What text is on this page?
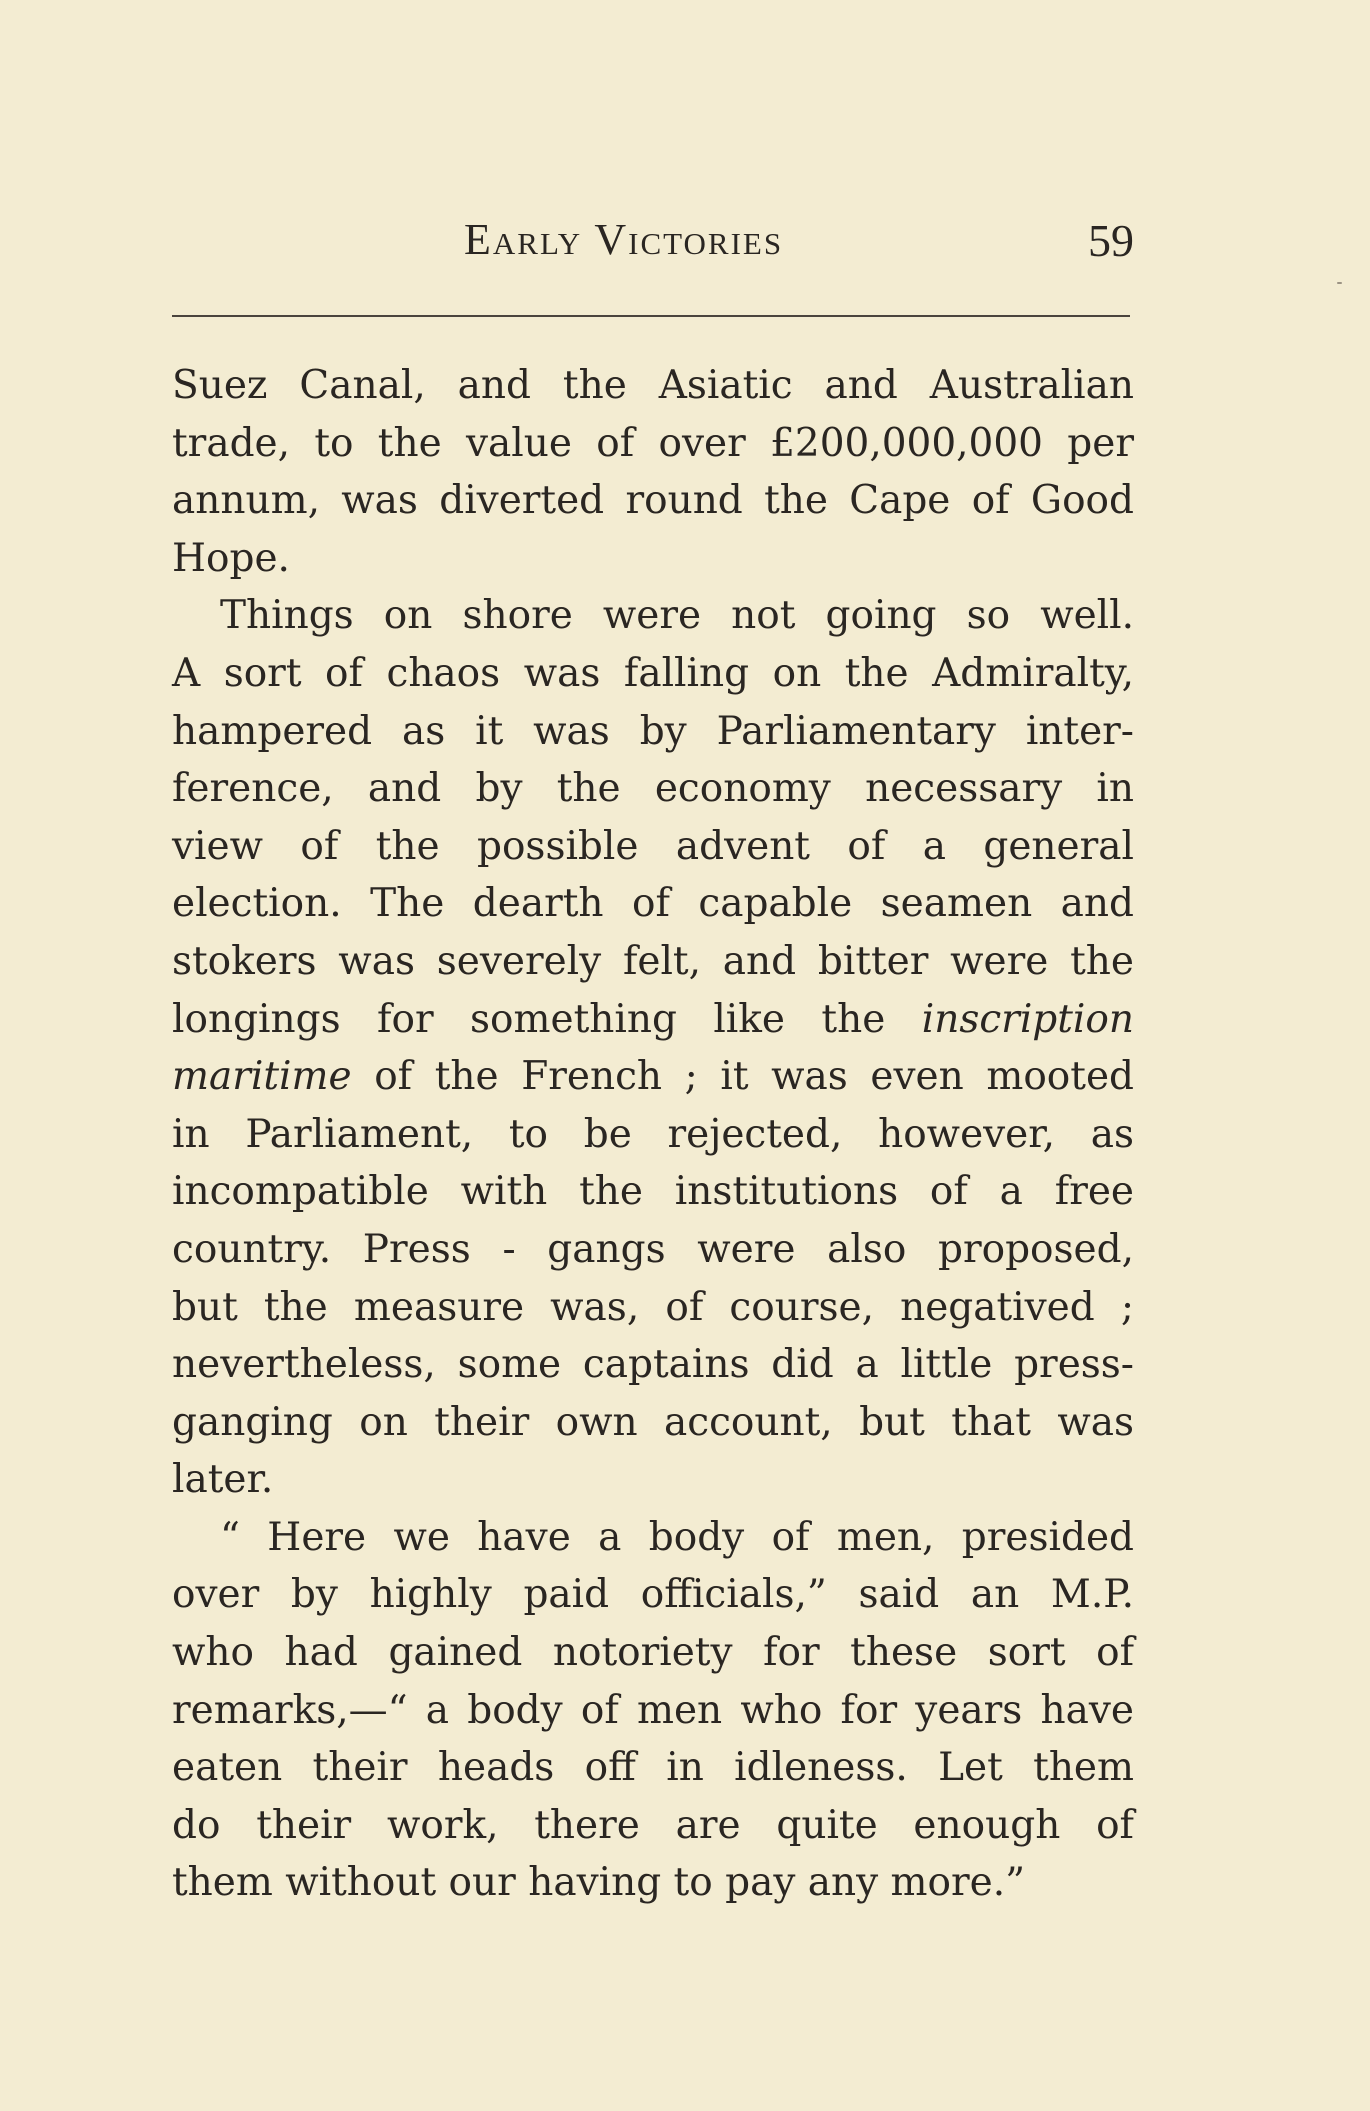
Early Victories	59
Suez Canal, and the Asiatic and Australian
trade, to the value of over £200,000,000 per
annum, was diverted round the Cape of Good
Hope.
Things on shore were not going so well.
A sort of chaos was falling on the Admiralty,
hampered as it was by Parliamentary inter-
ference, and by the economy necessary in
view of the possible advent of a general
election. The dearth of capable seamen and
stokers was severely felt, and bitter were the
longings for something like the inscription
maritime of the French ; it was even mooted
in Parliament, to be rejected, however, as
incompatible with the institutions of a free
country. Press - gangs were also proposed,
but the measure was, of course, negatived ;
nevertheless, some captains did a little press-
ganging on their own account, but that was
later.
“ Here we have a body of men, presided
over by highly paid officials,” said an M.P.
who had gained notoriety for these sort of
remarks,—“ a body of men who for years have
eaten their heads off in idleness. Let them
do their work, there are quite enough of
them without our having to pay any more.”
